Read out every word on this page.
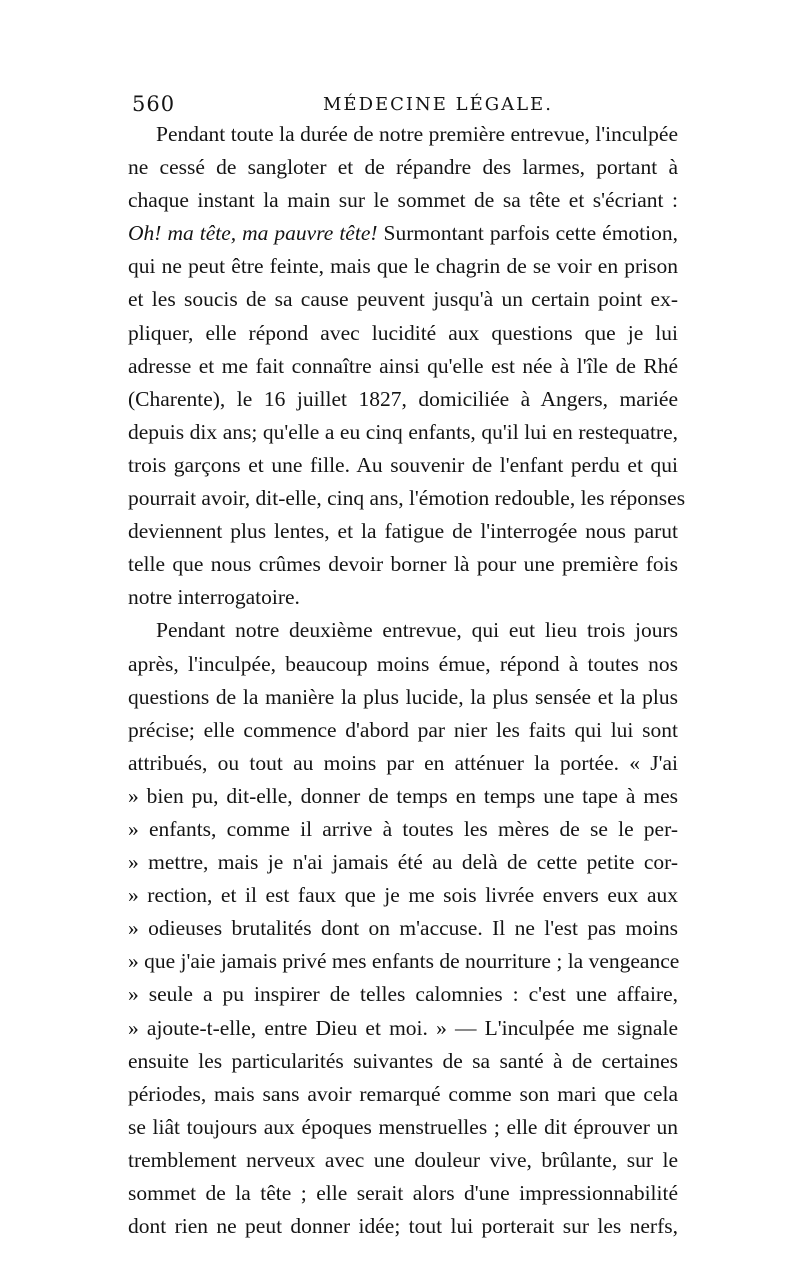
560	MÉDECINE LÉGALE.
Pendant toute la durée de notre première entrevue, l'inculpée
ne cessé de sangloter et de répandre des larmes, portant à
chaque instant la main sur le sommet de sa tête et s'écriant :
Oh! ma tête, ma pauvre tête! Surmontant parfois cette émotion,
qui ne peut être feinte, mais que le chagrin de se voir en prison
et les soucis de sa cause peuvent jusqu'à un certain point ex-
pliquer, elle répond avec lucidité aux questions que je lui
adresse et me fait connaître ainsi qu'elle est née à l'île de Rhé
(Charente), le 16 juillet 1827, domiciliée à Angers, mariée
depuis dix ans; qu'elle a eu cinq enfants, qu'il lui en restequatre,
trois garçons et une fille. Au souvenir de l'enfant perdu et qui
pourrait avoir, dit-elle, cinq ans, l'émotion redouble, les réponses
deviennent plus lentes, et la fatigue de l'interrogée nous parut
telle que nous crûmes devoir borner là pour une première fois
notre interrogatoire.
Pendant notre deuxième entrevue, qui eut lieu trois jours
après, l'inculpée, beaucoup moins émue, répond à toutes nos
questions de la manière la plus lucide, la plus sensée et la plus
précise; elle commence d'abord par nier les faits qui lui sont
attribués, ou tout au moins par en atténuer la portée. « J'ai
» bien pu, dit-elle, donner de temps en temps une tape à mes
» enfants, comme il arrive à toutes les mères de se le per-
» mettre, mais je n'ai jamais été au delà de cette petite cor-
» rection, et il est faux que je me sois livrée envers eux aux
» odieuses brutalités dont on m'accuse. Il ne l'est pas moins
» que j'aie jamais privé mes enfants de nourriture ; la vengeance
» seule a pu inspirer de telles calomnies : c'est une affaire,
» ajoute-t-elle, entre Dieu et moi. » — L'inculpée me signale
ensuite les particularités suivantes de sa santé à de certaines
périodes, mais sans avoir remarqué comme son mari que cela
se liât toujours aux époques menstruelles ; elle dit éprouver un
tremblement nerveux avec une douleur vive, brûlante, sur le
sommet de la tête ; elle serait alors d'une impressionnabilité
dont rien ne peut donner idée; tout lui porterait sur les nerfs,
